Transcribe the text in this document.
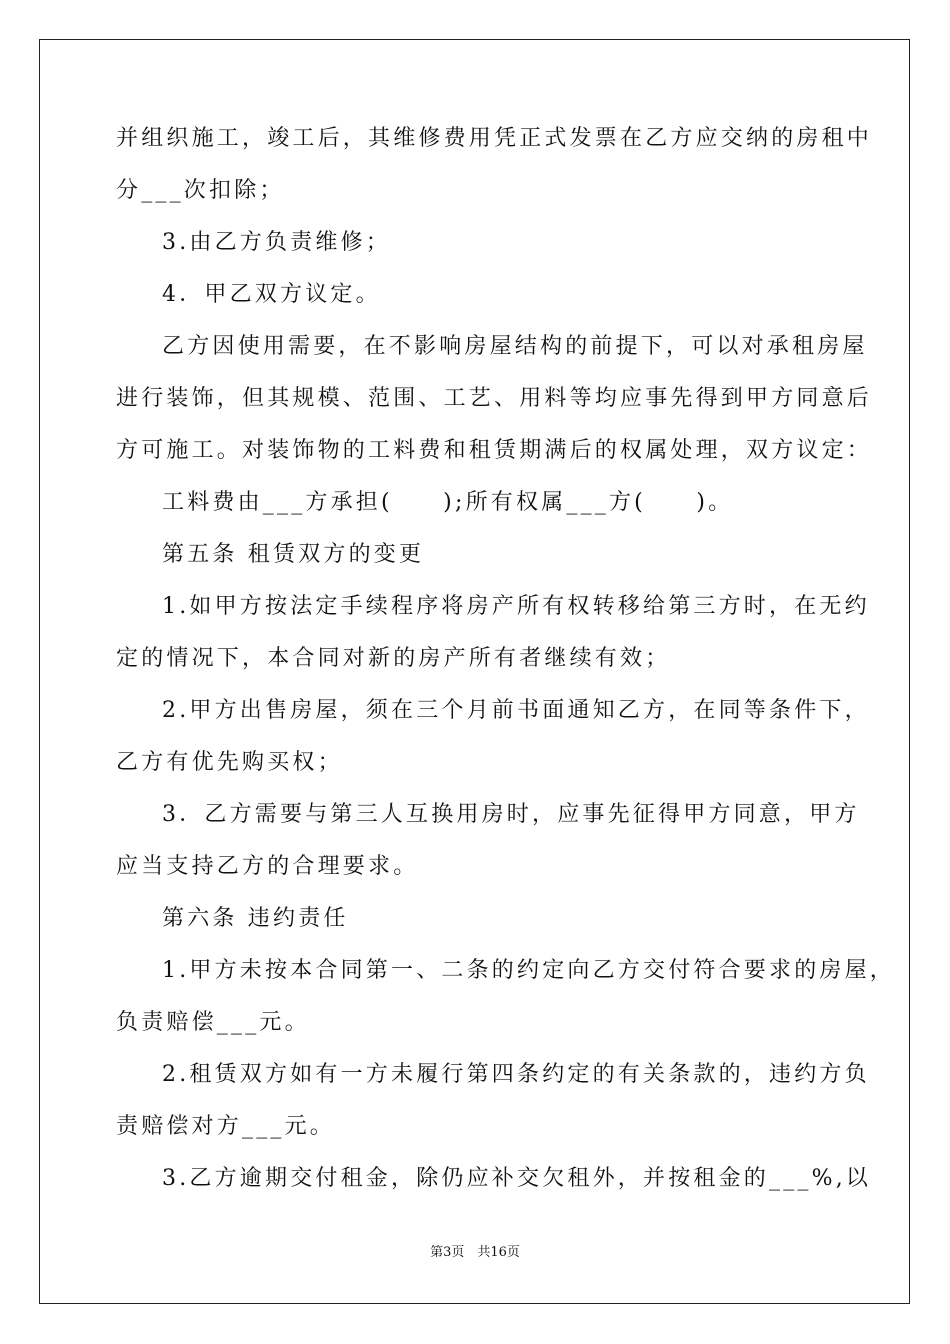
并组织施工，竣工后，其维修费用凭正式发票在乙方应交纳的房租中
分___次扣除；
3.由乙方负责维修；
4．甲乙双方议定。
乙方因使用需要，在不影响房屋结构的前提下，可以对承租房屋
进行装饰，但其规模、范围、工艺、用料等均应事先得到甲方同意后
方可施工。对装饰物的工料费和租赁期满后的权属处理，双方议定：
工料费由___方承担(　　);所有权属___方(　　)。
第五条 租赁双方的变更
1.如甲方按法定手续程序将房产所有权转移给第三方时，在无约
定的情况下，本合同对新的房产所有者继续有效；
2.甲方出售房屋，须在三个月前书面通知乙方，在同等条件下，
乙方有优先购买权；
3．乙方需要与第三人互换用房时，应事先征得甲方同意，甲方
应当支持乙方的合理要求。
第六条 违约责任
1.甲方未按本合同第一、二条的约定向乙方交付符合要求的房屋，
负责赔偿___元。
2.租赁双方如有一方未履行第四条约定的有关条款的，违约方负
责赔偿对方___元。
3.乙方逾期交付租金，除仍应补交欠租外，并按租金的___%,以
第3页　共16页
